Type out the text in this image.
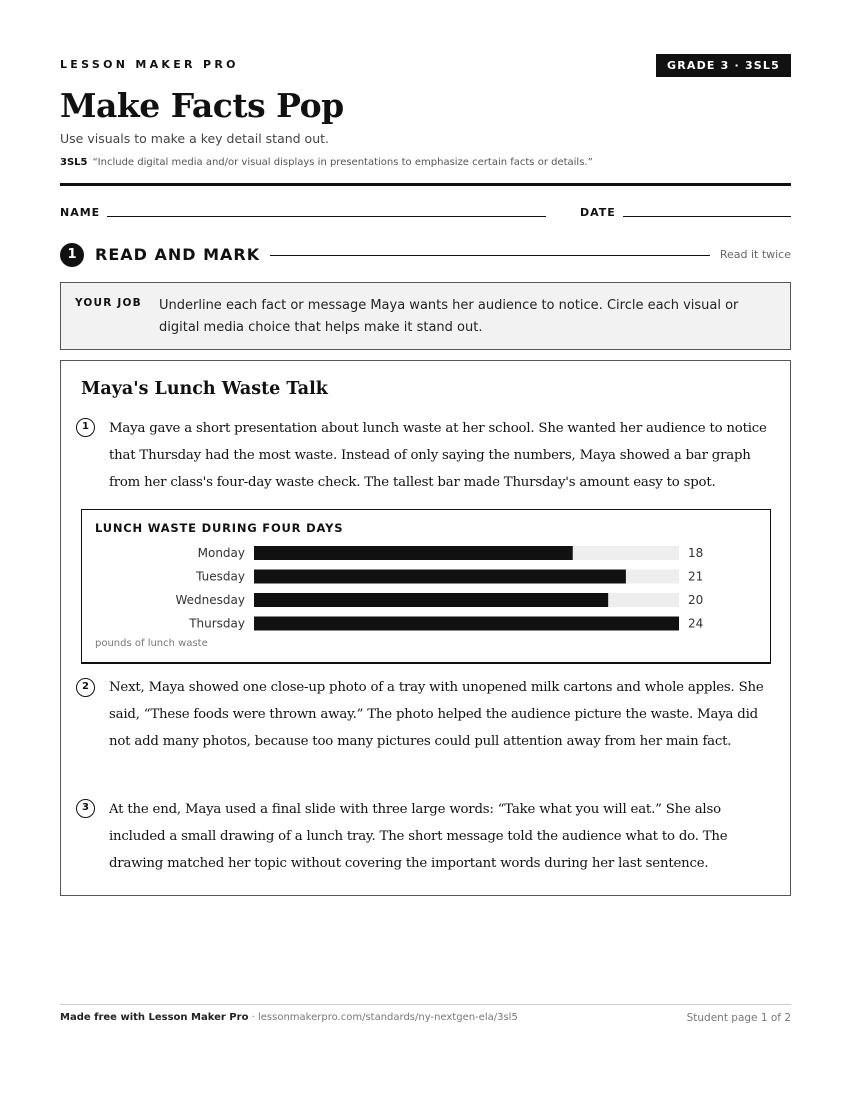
LESSON MAKER PRO	GRADE 3 · 3SL5
Make Facts Pop
Use visuals to make a key detail stand out.
3SL5 “Include digital media and/or visual displays in presentations to emphasize certain facts or details.”
NAME	DATE
1	READ AND MARK	Read it twice
YOUR JOB Underline each fact or message Maya wants her audience to notice. Circle each visual or digital media choice that helps make it stand out.
Maya's Lunch Waste Talk
1	Maya gave a short presentation about lunch waste at her school. She wanted her audience to notice that Thursday had the most waste. Instead of only saying the numbers, Maya showed a bar graph from her class's four-day waste check. The tallest bar made Thursday's amount easy to spot.
LUNCH WASTE DURING FOUR DAYS
Monday	18
Tuesday	21
Wednesday	20
Thursday	24
pounds of lunch waste
2	Next, Maya showed one close-up photo of a tray with unopened milk cartons and whole apples. She said, “These foods were thrown away.” The photo helped the audience picture the waste. Maya did not add many photos, because too many pictures could pull attention away from her main fact.
3	At the end, Maya used a final slide with three large words: “Take what you will eat.” She also included a small drawing of a lunch tray. The short message told the audience what to do. The drawing matched her topic without covering the important words during her last sentence.
Made free with Lesson Maker Pro · lessonmakerpro.com/standards/ny-nextgen-ela/3sl5	Student page 1 of 2
